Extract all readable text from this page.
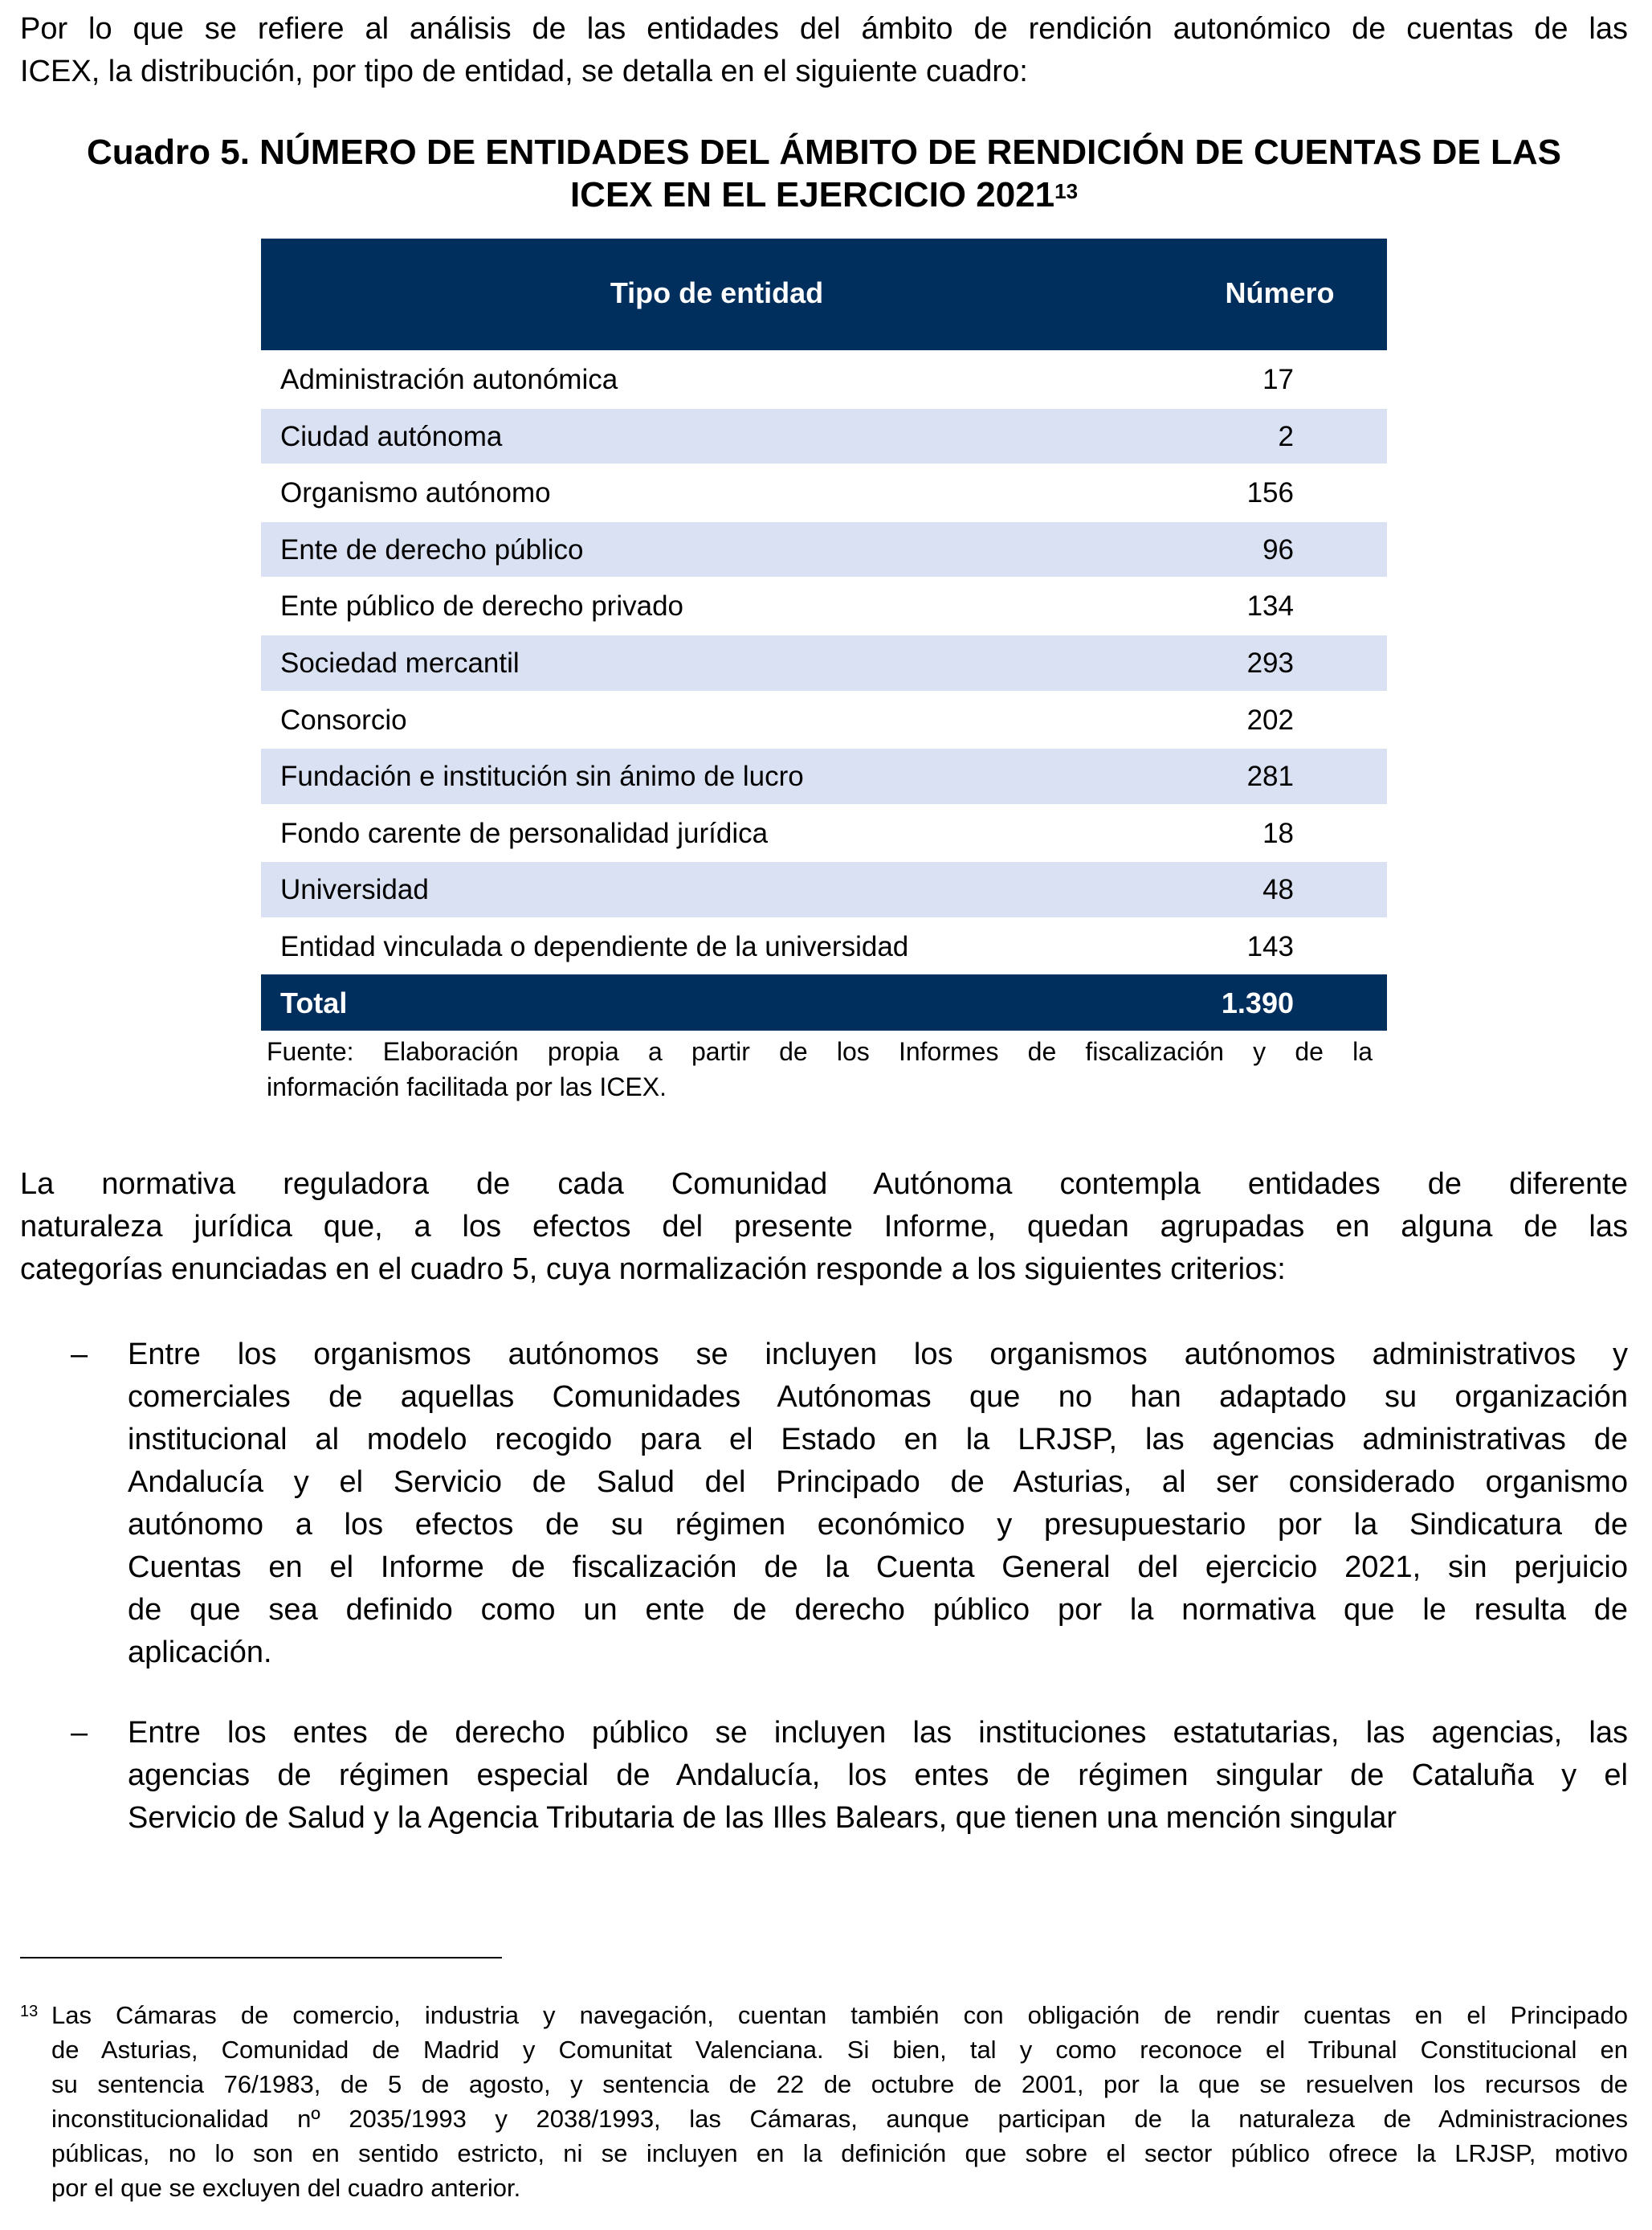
Por lo que se refiere al análisis de las entidades del ámbito de rendición autonómico de cuentas de las
ICEX, la distribución, por tipo de entidad, se detalla en el siguiente cuadro:
Cuadro 5. NÚMERO DE ENTIDADES DEL ÁMBITO DE RENDICIÓN DE CUENTAS DE LAS
ICEX EN EL EJERCICIO 2021$^{13}$
Tipo de entidad	Número
Administración autonómica	17
Ciudad autónoma	2
Organismo autónomo	156
Ente de derecho público	96
Ente público de derecho privado	134
Sociedad mercantil	293
Consorcio	202
Fundación e institución sin ánimo de lucro	281
Fondo carente de personalidad jurídica	18
Universidad	48
Entidad vinculada o dependiente de la universidad	143
Total	1.390
Fuente: Elaboración propia a partir de los Informes de fiscalización y de la
información facilitada por las ICEX.
La normativa reguladora de cada Comunidad Autónoma contempla entidades de diferente
naturaleza jurídica que, a los efectos del presente Informe, quedan agrupadas en alguna de las
categorías enunciadas en el cuadro 5, cuya normalización responde a los siguientes criterios:
– Entre los organismos autónomos se incluyen los organismos autónomos administrativos y
comerciales de aquellas Comunidades Autónomas que no han adaptado su organización
institucional al modelo recogido para el Estado en la LRJSP, las agencias administrativas de
Andalucía y el Servicio de Salud del Principado de Asturias, al ser considerado organismo
autónomo a los efectos de su régimen económico y presupuestario por la Sindicatura de
Cuentas en el Informe de fiscalización de la Cuenta General del ejercicio 2021, sin perjuicio
de que sea definido como un ente de derecho público por la normativa que le resulta de
aplicación.
– Entre los entes de derecho público se incluyen las instituciones estatutarias, las agencias, las
agencias de régimen especial de Andalucía, los entes de régimen singular de Cataluña y el
Servicio de Salud y la Agencia Tributaria de las Illes Balears, que tienen una mención singular
13 Las Cámaras de comercio, industria y navegación, cuentan también con obligación de rendir cuentas en el Principado
de Asturias, Comunidad de Madrid y Comunitat Valenciana. Si bien, tal y como reconoce el Tribunal Constitucional en
su sentencia 76/1983, de 5 de agosto, y sentencia de 22 de octubre de 2001, por la que se resuelven los recursos de
inconstitucionalidad nº 2035/1993 y 2038/1993, las Cámaras, aunque participan de la naturaleza de Administraciones
públicas, no lo son en sentido estricto, ni se incluyen en la definición que sobre el sector público ofrece la LRJSP, motivo
por el que se excluyen del cuadro anterior.
